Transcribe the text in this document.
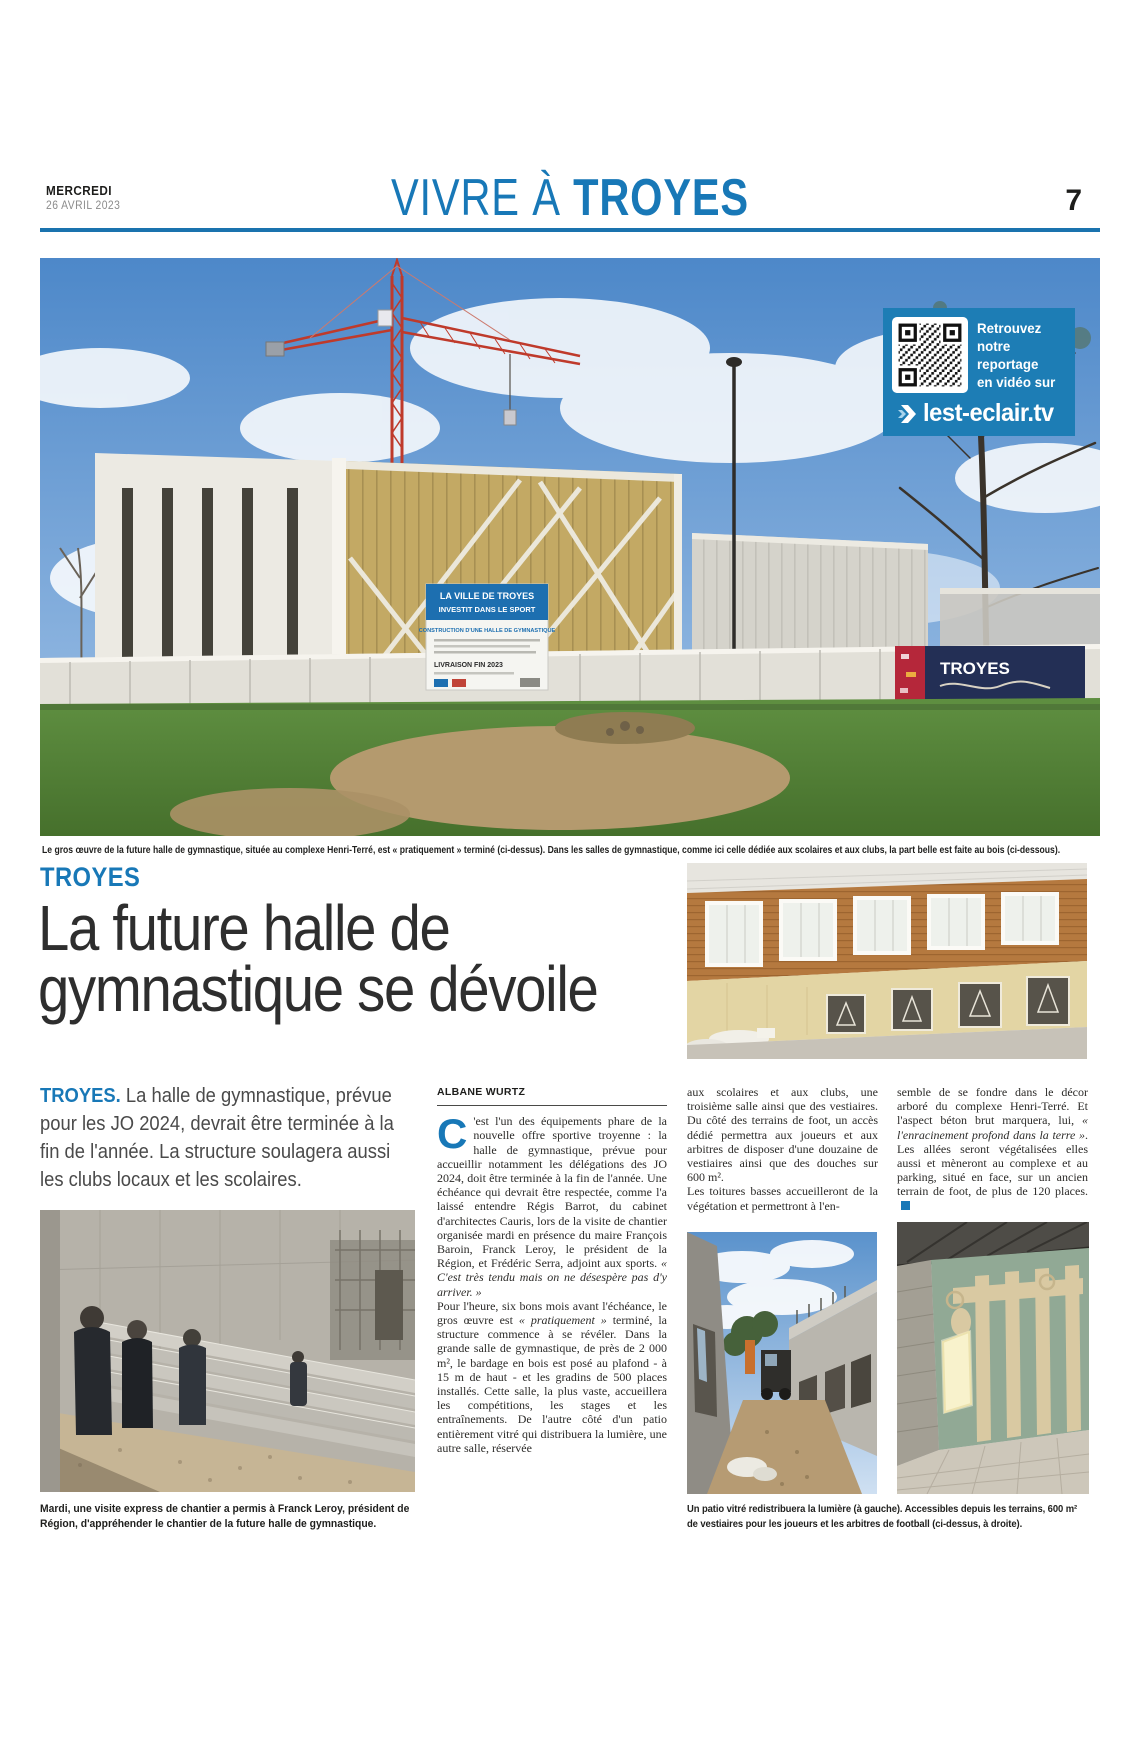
MERCREDI
26 AVRIL 2023	VIVRE À TROYES	7
LA VILLE DE TROYES
INVESTIT DANS LE SPORT
CONSTRUCTION D'UNE HALLE DE GYMNASTIQUE
LIVRAISON FIN 2023	TROYES
Retrouvez
notre
reportage
en vidéo sur
lest-eclair.tv
Le gros œuvre de la future halle de gymnastique, située au complexe Henri-Terré, est « pratiquement » terminé (ci-dessus). Dans les salles de gymnastique, comme ici celle dédiée aux scolaires et aux clubs, la part belle est faite au bois (ci-dessous).
TROYES
La future halle de
gymnastique se dévoile

TROYES. La halle de gymnastique, prévue pour les JO 2024, devrait être terminée à la fin de l'année. La structure soulagera aussi les clubs locaux et les scolaires.

ALBANE WURTZ

C 'est l'un des équipements phare de la nouvelle offre sportive troyenne : la halle de gymnastique, prévue pour accueillir notamment les délégations des JO 2024, doit être terminée à la fin de l'année. Une échéance qui devrait être respectée, comme l'a laissé entendre Régis Barrot, du cabinet d'architectes Cauris, lors de la visite de chantier organisée mardi en présence du maire François Baroin, Franck Leroy, le président de la Région, et Frédéric Serra, adjoint aux sports. « C'est très tendu mais on ne désespère pas d'y arriver. »

Pour l'heure, six bons mois avant l'échéance, le gros œuvre est « pratiquement » terminé, la structure commence à se révéler. Dans la grande salle de gymnastique, de près de 2 000 m², le bardage en bois est posé au plafond - à 15 m de haut - et les gradins de 500 places installés. Cette salle, la plus vaste, accueillera les compétitions, les stages et les entraînements. De l'autre côté d'un patio entièrement vitré qui distribuera la lumière, une autre salle, réservée

aux scolaires et aux clubs, une troisième salle ainsi que des vestiaires. Du côté des terrains de foot, un accès dédié permettra aux joueurs et aux arbitres de disposer d'une douzaine de vestiaires ainsi que des douches sur 600 m².

Les toitures basses accueilleront de la végétation et permettront à l'en-

semble de se fondre dans le décor arboré du complexe Henri-Terré. Et l'aspect béton brut marquera, lui, « l'enracinement profond dans la terre ». Les allées seront végétalisées elles aussi et mèneront au complexe et au parking, situé en face, sur un ancien terrain de foot, de plus de 120 places.

Mardi, une visite express de chantier a permis à Franck Leroy, président de Région, d'appréhender le chantier de la future halle de gymnastique.
Un patio vitré redistribuera la lumière (à gauche). Accessibles depuis les terrains, 600 m² de vestiaires pour les joueurs et les arbitres de football (ci-dessus, à droite).
